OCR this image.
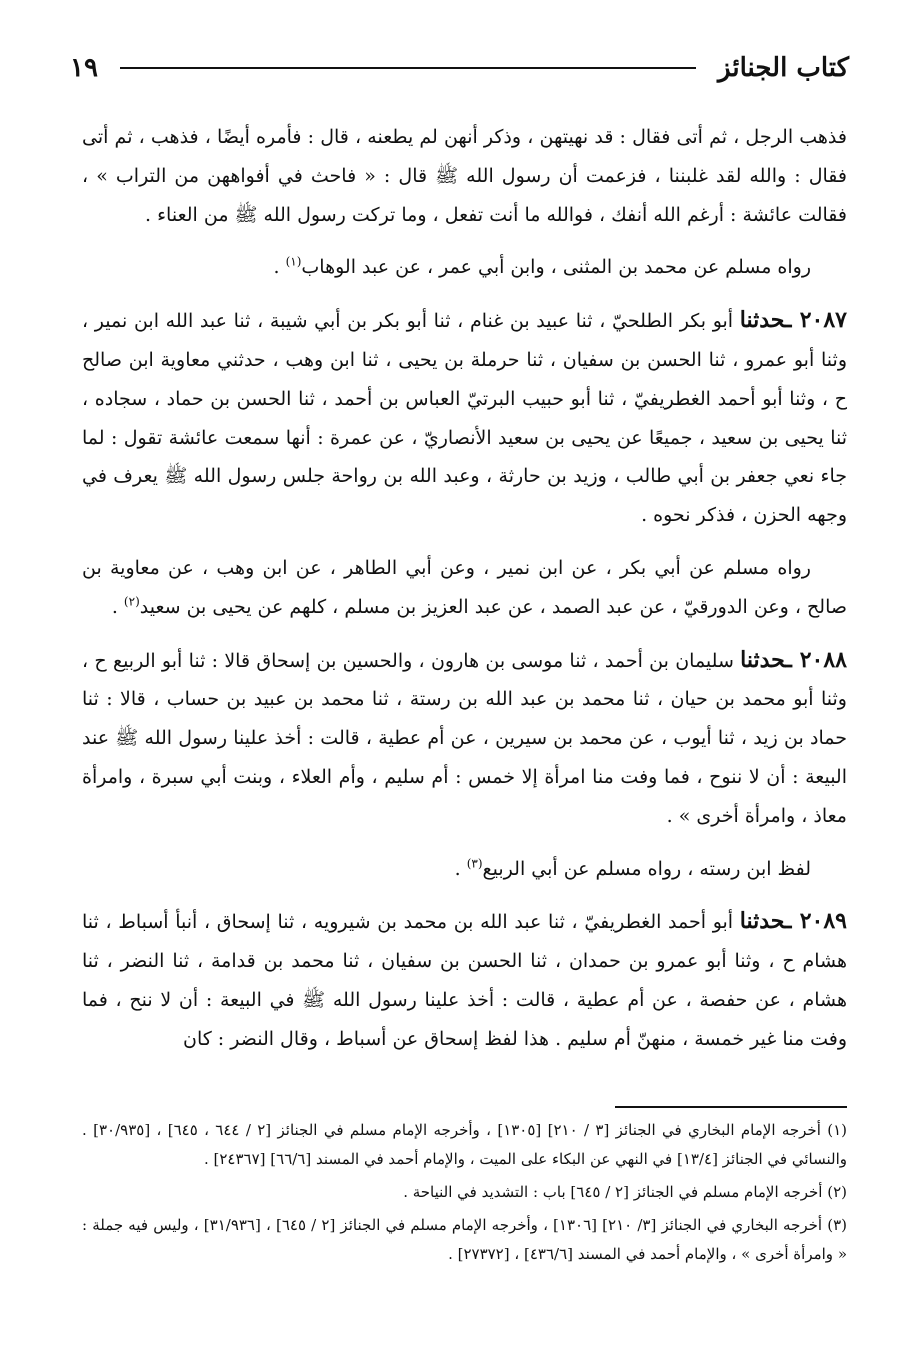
كتاب الجنائز
١٩

فذهب الرجل ، ثم أتى فقال : قد نهيتهن ، وذكر أنهن لم يطعنه ، قال : فأمره أيضًا ، فذهب ، ثم أتى فقال : والله لقد غلبننا ، فزعمت أن رسول الله ﷺ قال : « فاحث في أفواههن من التراب » ، فقالت عائشة : أرغم الله أنفك ، فوالله ما أنت تفعل ، وما تركت رسول الله ﷺ من العناء .

رواه مسلم عن محمد بن المثنى ، وابن أبي عمر ، عن عبد الوهاب$^{(١)}$ .

٢٠٨٧ ـحدثنا أبو بكر الطلحيّ ، ثنا عبيد بن غنام ، ثنا أبو بكر بن أبي شيبة ، ثنا عبد الله ابن نمير ، وثنا أبو عمرو ، ثنا الحسن بن سفيان ، ثنا حرملة بن يحيى ، ثنا ابن وهب ، حدثني معاوية ابن صالح ح ، وثنا أبو أحمد الغطريفيّ ، ثنا أبو حبيب البرتيّ العباس بن أحمد ، ثنا الحسن بن حماد ، سجاده ، ثنا يحيى بن سعيد ، جميعًا عن يحيى بن سعيد الأنصاريّ ، عن عمرة : أنها سمعت عائشة تقول : لما جاء نعي جعفر بن أبي طالب ، وزيد بن حارثة ، وعبد الله بن رواحة جلس رسول الله ﷺ يعرف في وجهه الحزن ، فذكر نحوه .

رواه مسلم عن أبي بكر ، عن ابن نمير ، وعن أبي الطاهر ، عن ابن وهب ، عن معاوية بن صالح ، وعن الدورقيّ ، عن عبد الصمد ، عن عبد العزيز بن مسلم ، كلهم عن يحيى بن سعيد$^{(٢)}$ .

٢٠٨٨ ـحدثنا سليمان بن أحمد ، ثنا موسى بن هارون ، والحسين بن إسحاق قالا : ثنا أبو الربيع ح ، وثنا أبو محمد بن حيان ، ثنا محمد بن عبد الله بن رستة ، ثنا محمد بن عبيد بن حساب ، قالا : ثنا حماد بن زيد ، ثنا أيوب ، عن محمد بن سيرين ، عن أم عطية ، قالت : أخذ علينا رسول الله ﷺ عند البيعة : أن لا ننوح ، فما وفت منا امرأة إلا خمس : أم سليم ، وأم العلاء ، وبنت أبي سبرة ، وامرأة معاذ ، وامرأة أخرى » .

لفظ ابن رسته ، رواه مسلم عن أبي الربيع$^{(٣)}$ .

٢٠٨٩ ـحدثنا أبو أحمد الغطريفيّ ، ثنا عبد الله بن محمد بن شيرويه ، ثنا إسحاق ، أنبأ أسباط ، ثنا هشام ح ، وثنا أبو عمرو بن حمدان ، ثنا الحسن بن سفيان ، ثنا محمد بن قدامة ، ثنا النضر ، ثنا هشام ، عن حفصة ، عن أم عطية ، قالت : أخذ علينا رسول الله ﷺ في البيعة : أن لا ننح ، فما وفت منا غير خمسة ، منهنّ أم سليم . هذا لفظ إسحاق عن أسباط ، وقال النضر : كان

(١) أخرجه الإمام البخاري في الجنائز [٣ / ٢١٠] [١٣٠٥] ، وأخرجه الإمام مسلم في الجنائز [٢ / ٦٤٤ ، ٦٤٥] ، [٣٠/٩٣٥] . والنسائي في الجنائز [١٣/٤] في النهي عن البكاء على الميت ، والإمام أحمد في المسند [٦٦/٦] [٢٤٣٦٧] .

(٢) أخرجه الإمام مسلم في الجنائز [٢ / ٦٤٥] باب : التشديد في النياحة .

(٣) أخرجه البخاري في الجنائز [٣/ ٢١٠] [١٣٠٦] ، وأخرجه الإمام مسلم في الجنائز [٢ / ٦٤٥] ، [٣١/٩٣٦] ، وليس فيه جملة : « وامرأة أخرى » ، والإمام أحمد في المسند [٤٣٦/٦] ، [٢٧٣٧٢] .
